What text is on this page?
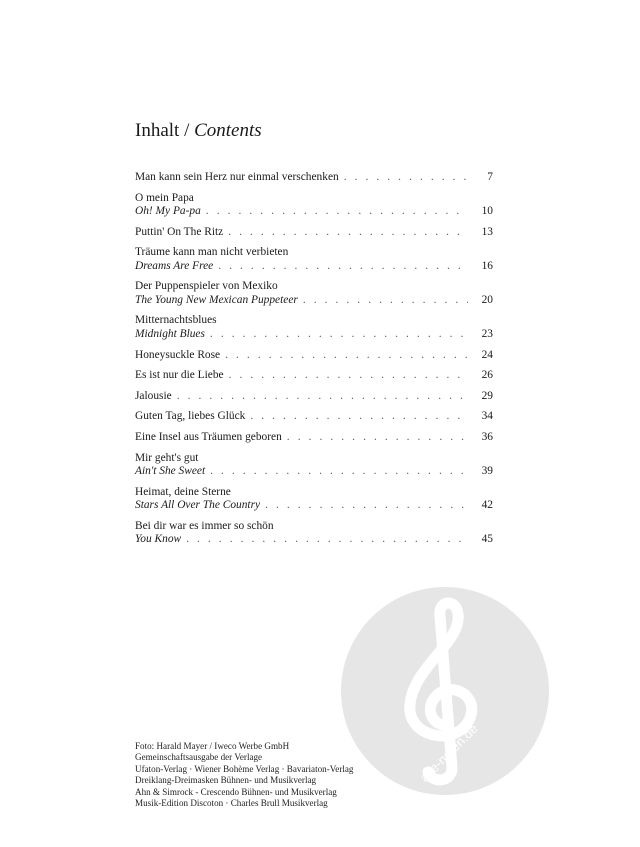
Inhalt / Contents
Man kann sein Herz nur einmal verschenken . . .	7
O mein Papa
Oh! My Pa-pa . . .	10
Puttin' On The Ritz . . .	13
Träume kann man nicht verbieten
Dreams Are Free . . .	16
Der Puppenspieler von Mexiko
The Young New Mexican Puppeteer . . .	20
Mitternachtsblues
Midnight Blues . . .	23
Honeysuckle Rose . . .	24
Es ist nur die Liebe . . .	26
Jalousie . . .	29
Guten Tag, liebes Glück . . .	34
Eine Insel aus Träumen geboren . . .	36
Mir geht's gut
Ain't She Sweet . . .	39
Heimat, deine Sterne
Stars All Over The Country . . .	42
Bei dir war es immer so schön
You Know . . .	45
Foto: Harald Mayer / Iweco Werbe GmbH
Gemeinschaftsausgabe der Verlage
Ufaton-Verlag · Wiener Bohème Verlag · Bavariaton-Verlag
Dreiklang-Dreimasken Bühnen- und Musikverlag
Ahn & Simrock - Crescendo Bühnen- und Musikverlag
Musik-Edition Discoton · Charles Brull Musikverlag
alle-noten.de
